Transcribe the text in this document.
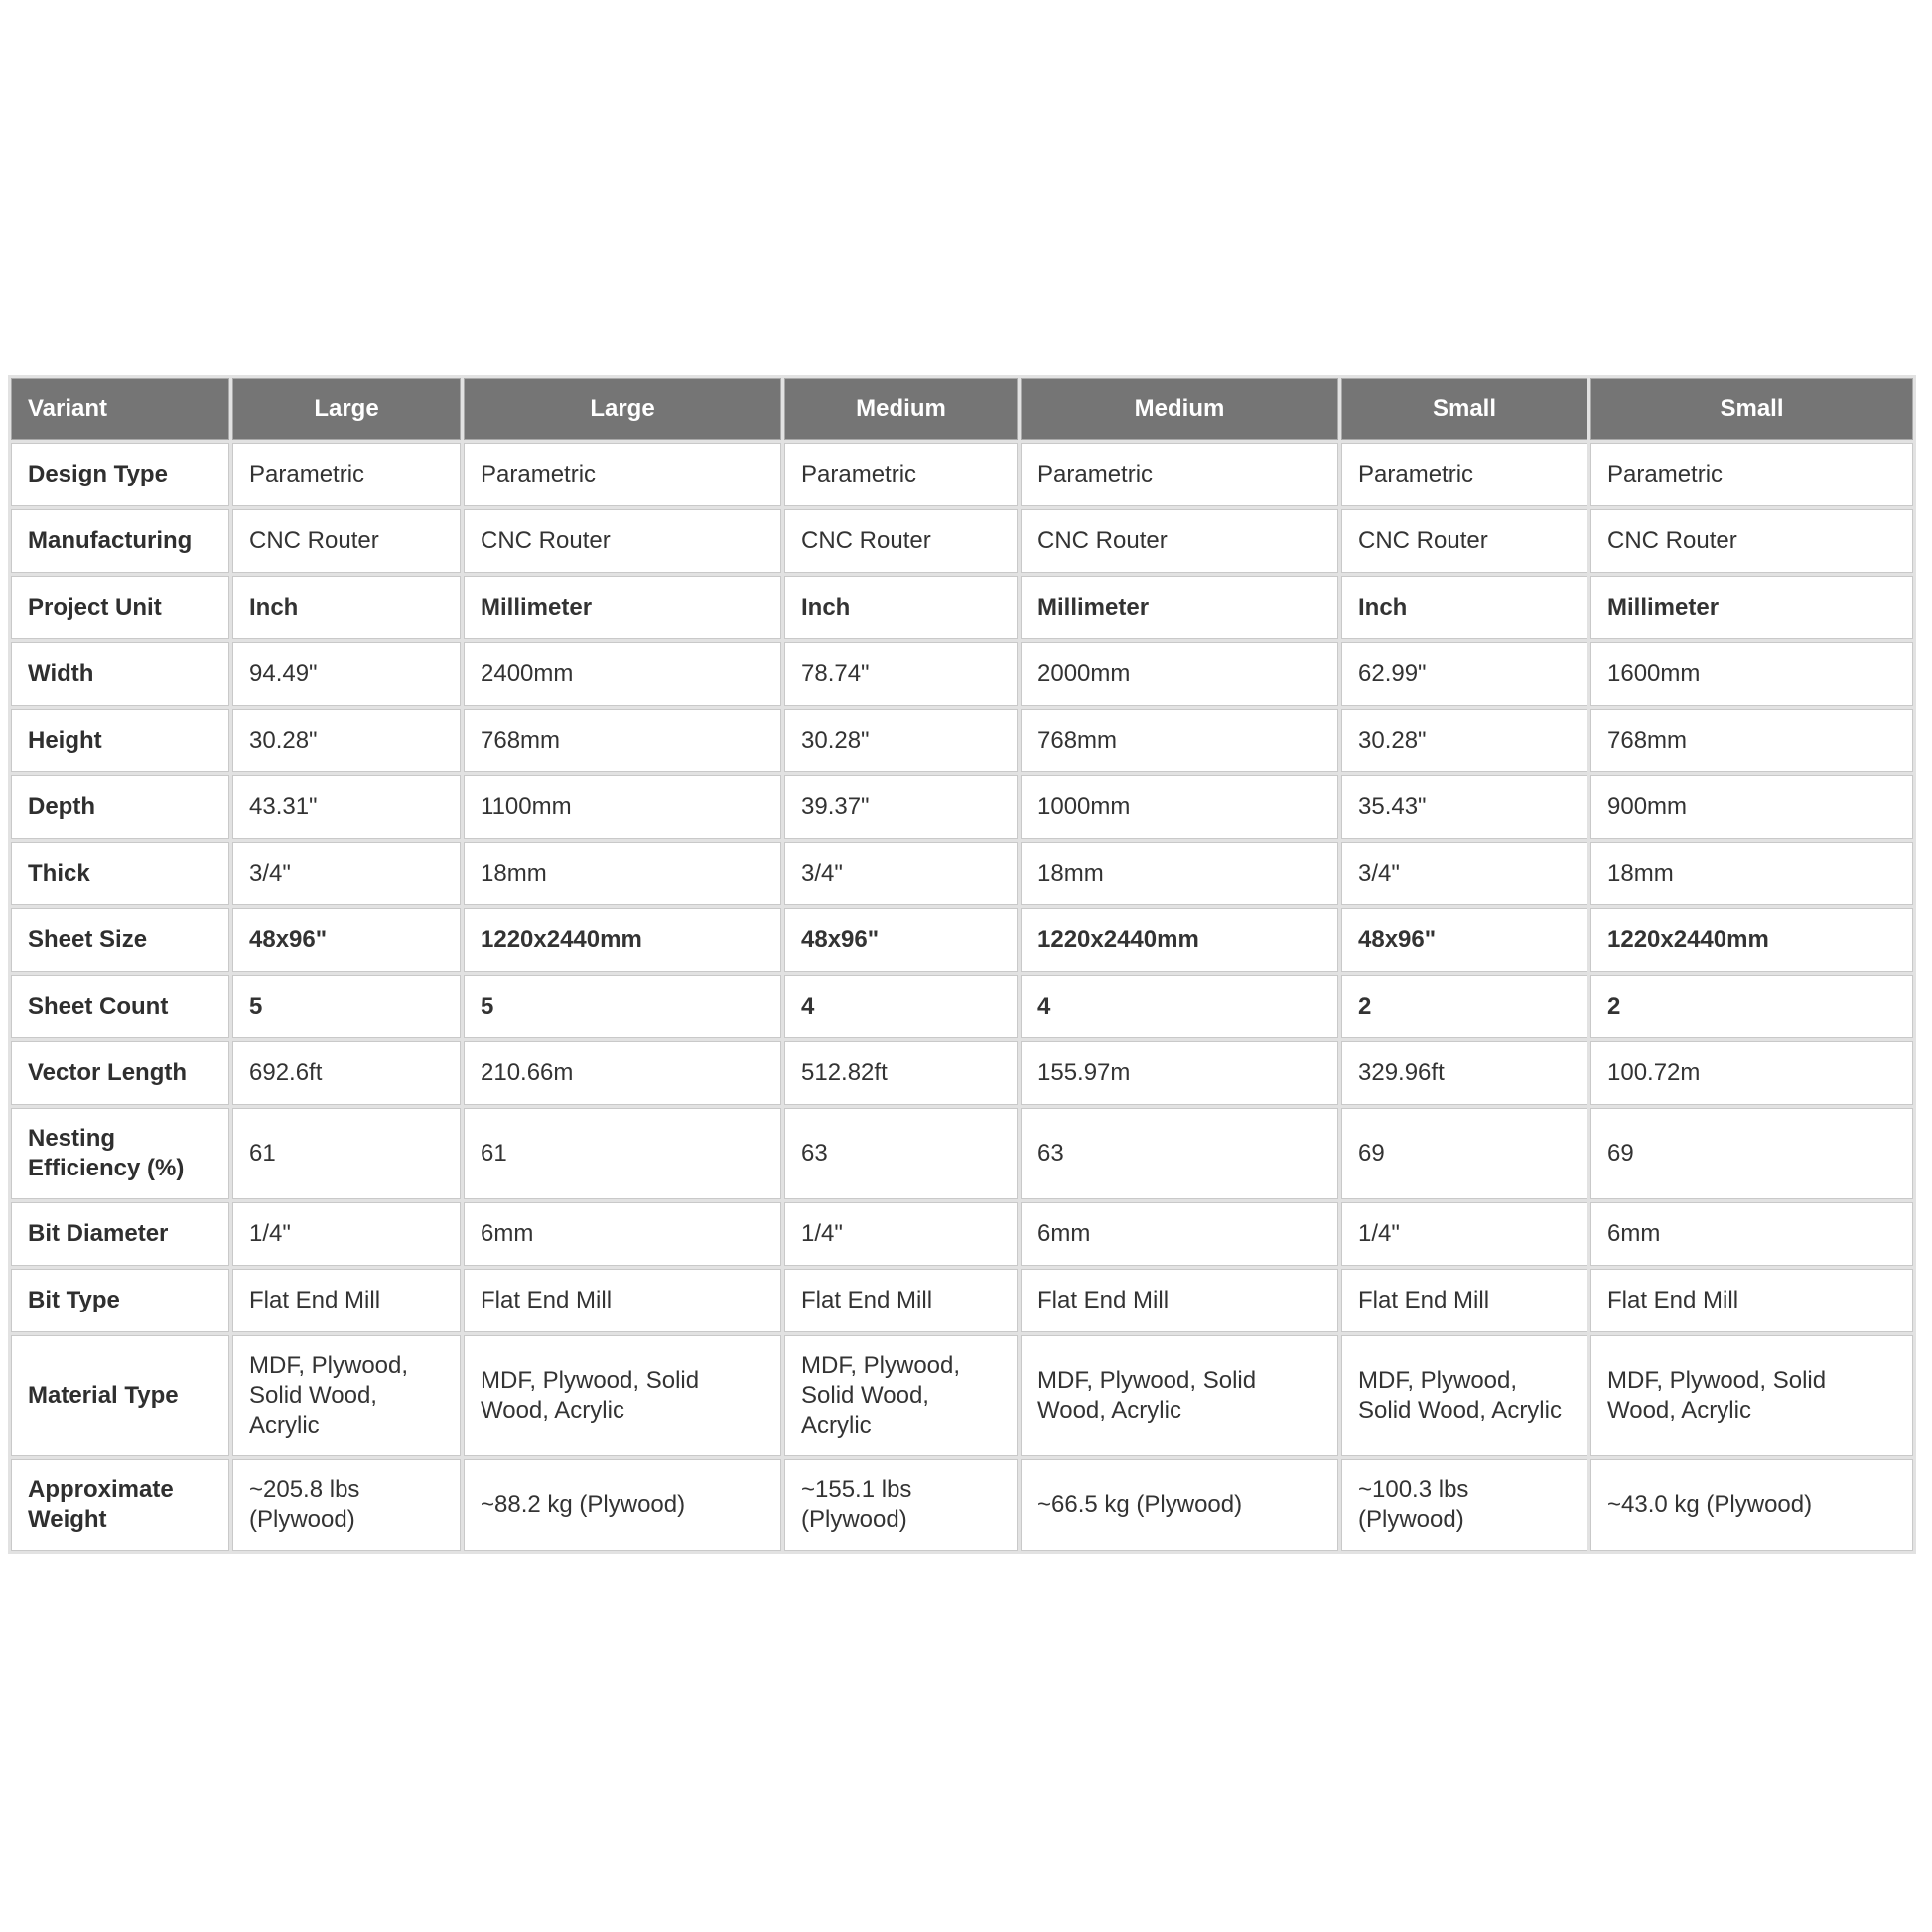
Variant	Large	Large	Medium	Medium	Small	Small
Design Type	Parametric	Parametric	Parametric	Parametric	Parametric	Parametric
Manufacturing	CNC Router	CNC Router	CNC Router	CNC Router	CNC Router	CNC Router
Project Unit	Inch	Millimeter	Inch	Millimeter	Inch	Millimeter
Width	94.49"	2400mm	78.74"	2000mm	62.99"	1600mm
Height	30.28"	768mm	30.28"	768mm	30.28"	768mm
Depth	43.31"	1100mm	39.37"	1000mm	35.43"	900mm
Thick	3/4"	18mm	3/4"	18mm	3/4"	18mm
Sheet Size	48x96"	1220x2440mm	48x96"	1220x2440mm	48x96"	1220x2440mm
Sheet Count	5	5	4	4	2	2
Vector Length	692.6ft	210.66m	512.82ft	155.97m	329.96ft	100.72m
Nesting Efficiency (%)	61	61	63	63	69	69
Bit Diameter	1/4"	6mm	1/4"	6mm	1/4"	6mm
Bit Type	Flat End Mill	Flat End Mill	Flat End Mill	Flat End Mill	Flat End Mill	Flat End Mill
Material Type	MDF, Plywood, Solid Wood, Acrylic	MDF, Plywood, Solid Wood, Acrylic	MDF, Plywood, Solid Wood, Acrylic	MDF, Plywood, Solid Wood, Acrylic	MDF, Plywood, Solid Wood, Acrylic	MDF, Plywood, Solid Wood, Acrylic
Approximate Weight	~205.8 lbs (Plywood)	~88.2 kg (Plywood)	~155.1 lbs (Plywood)	~66.5 kg (Plywood)	~100.3 lbs (Plywood)	~43.0 kg (Plywood)
